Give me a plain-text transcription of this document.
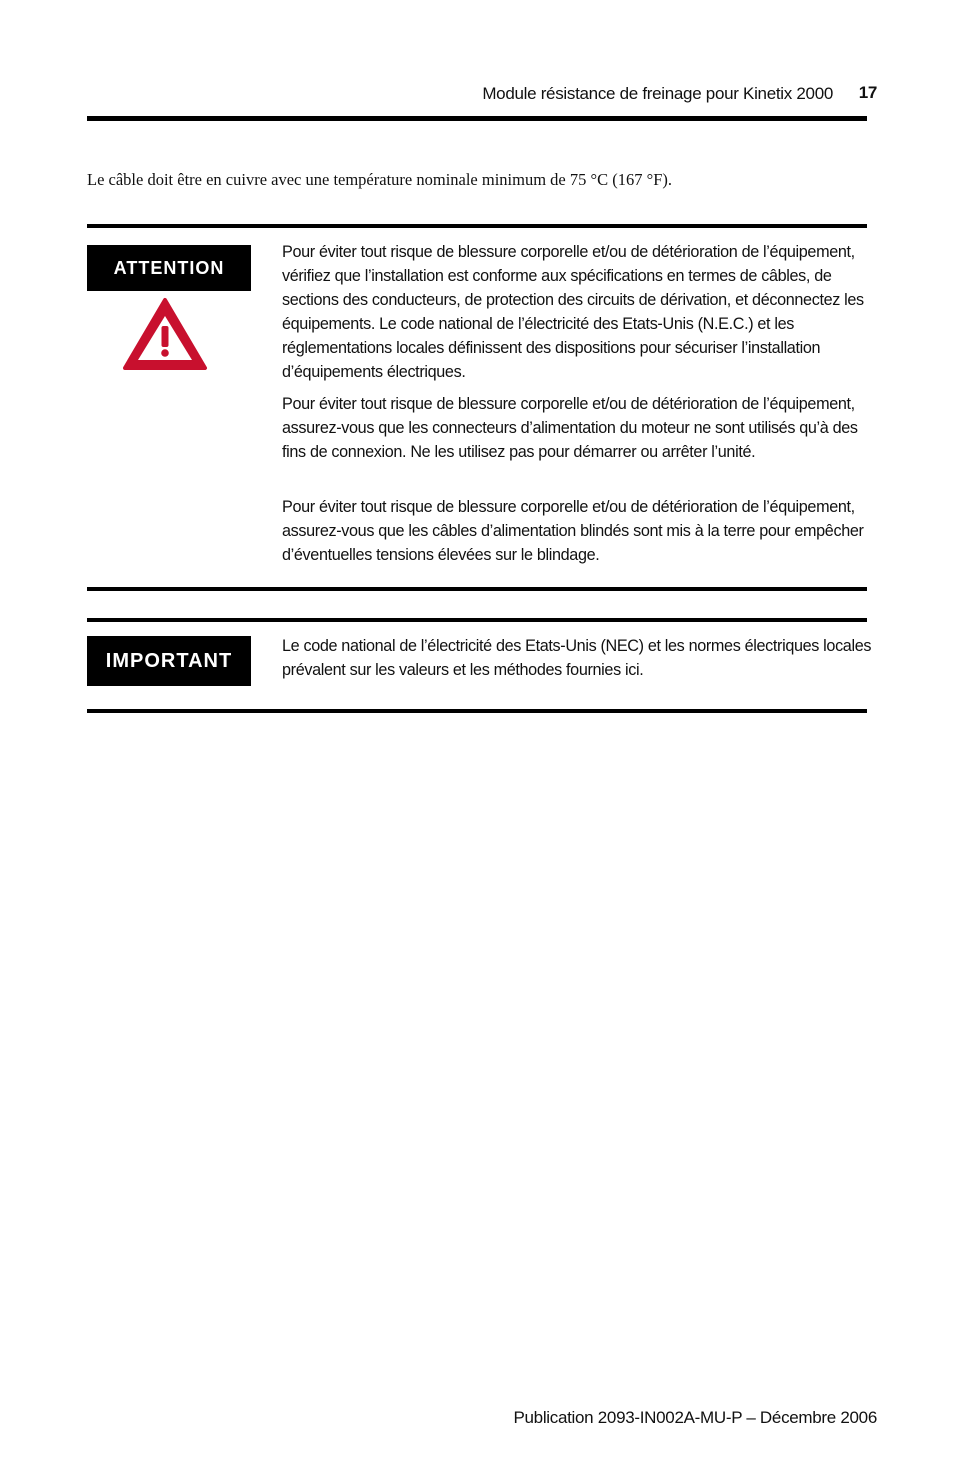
Module résistance de freinage pour Kinetix 2000 17
Le câble doit être en cuivre avec une température nominale minimum de 75 °C (167 °F).
ATTENTION

Pour éviter tout risque de blessure corporelle et/ou de détérioration de l’équipement, vérifiez que l’installation est conforme aux spécifications en termes de câbles, de sections des conducteurs, de protection des circuits de dérivation, et déconnectez les équipements. Le code national de l’électricité des Etats-Unis (N.E.C.) et les réglementations locales définissent des dispositions pour sécuriser l’installation d’équipements électriques.

Pour éviter tout risque de blessure corporelle et/ou de détérioration de l’équipement, assurez-vous que les connecteurs d’alimentation du moteur ne sont utilisés qu’à des fins de connexion. Ne les utilisez pas pour démarrer ou arrêter l’unité.

Pour éviter tout risque de blessure corporelle et/ou de détérioration de l’équipement, assurez-vous que les câbles d’alimentation blindés sont mis à la terre pour empêcher d’éventuelles tensions élevées sur le blindage.

IMPORTANT

Le code national de l’électricité des Etats-Unis (NEC) et les normes électriques locales prévalent sur les valeurs et les méthodes fournies ici.

Publication 2093-IN002A-MU-P – Décembre 2006
